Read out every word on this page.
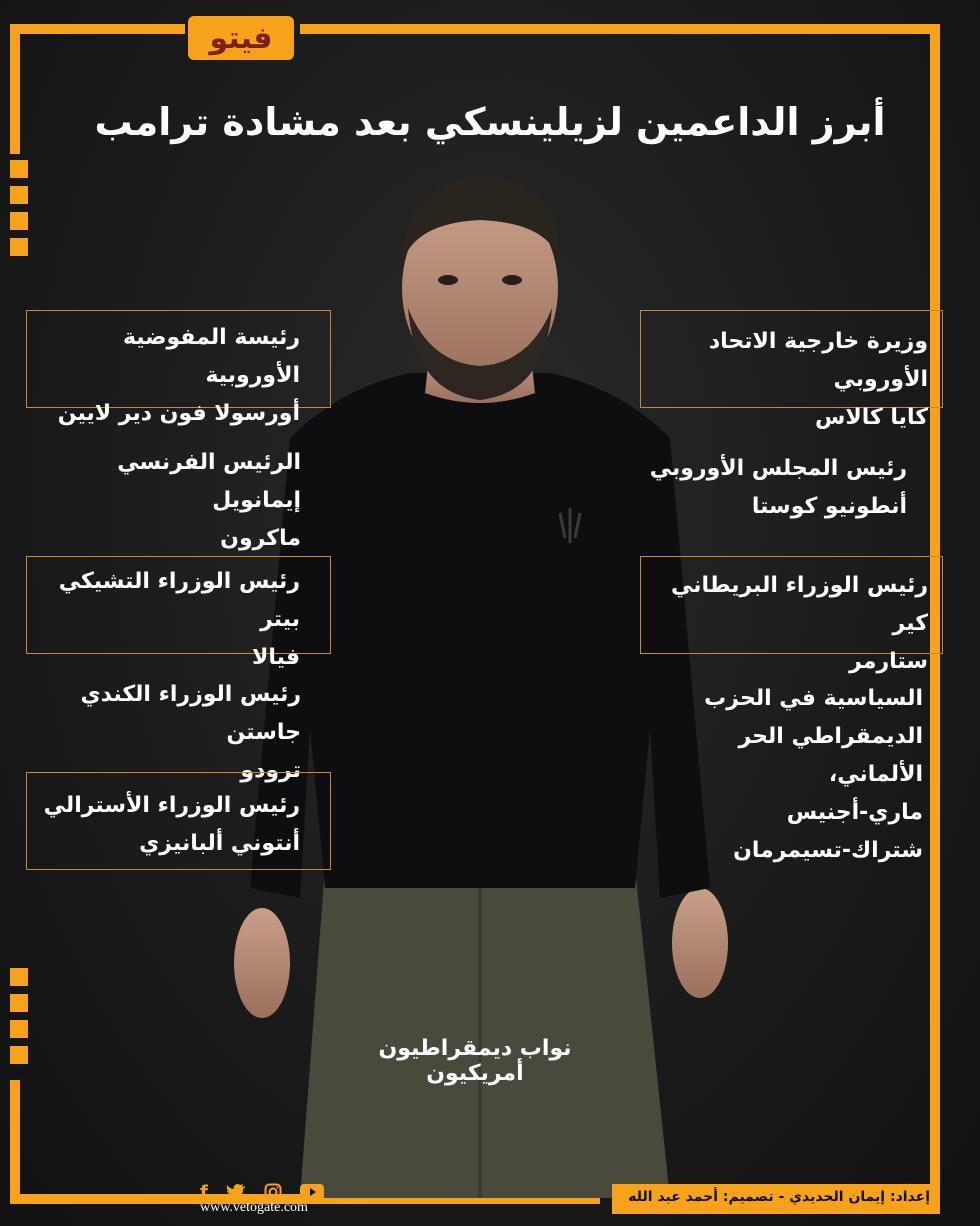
فيتو
أبرز الداعمين لزيلينسكي بعد مشادة ترامب
رئيسة المفوضية الأوروبية
أورسولا فون دير لايين
الرئيس الفرنسي إيمانويل
ماكرون
رئيس الوزراء التشيكي بيتر
فيالا
رئيس الوزراء الكندي جاستن
ترودو
رئيس الوزراء الأسترالي
أنتوني ألبانيزي
وزيرة خارجية الاتحاد الأوروبي
كايا كالاس
رئيس المجلس الأوروبي
أنطونيو كوستا
رئيس الوزراء البريطاني كير
ستارمر
السياسية في الحزب
الديمقراطي الحر الألماني،
ماري-أجنيس
شتراك-تسيمرمان
نواب ديمقراطيون أمريكيون
f
www.vetogate.com
إعداد: إيمان الحديدي - تصميم: أحمد عبد الله
